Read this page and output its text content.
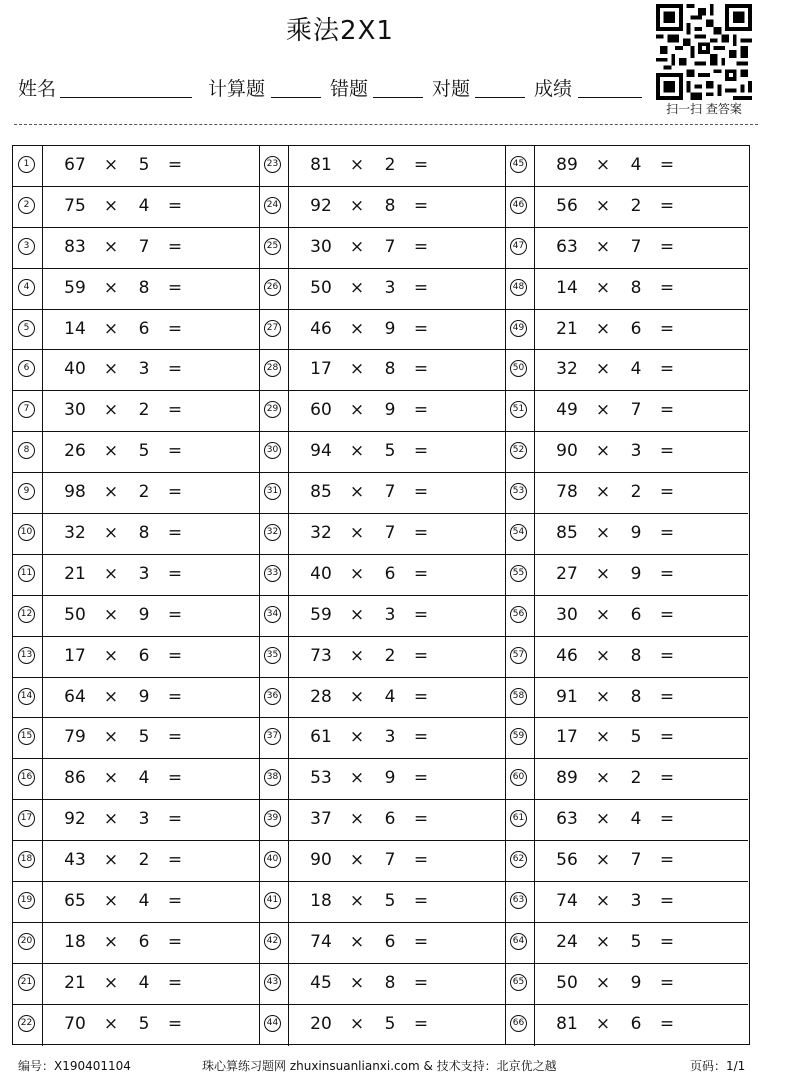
乘法2X1
姓名	计算题	错题	对题	成绩
扫一扫 查答案
1	67 × 5 =
2	75 × 4 =
3	83 × 7 =
4	59 × 8 =
5	14 × 6 =
6	40 × 3 =
7	30 × 2 =
8	26 × 5 =
9	98 × 2 =
10 32 × 8 =
11 21 × 3 =
12 50 × 9 =
13 17 × 6 =
14 64 × 9 =
15 79 × 5 =
16 86 × 4 =
17 92 × 3 =
18 43 × 2 =
19 65 × 4 =
20 18 × 6 =
21 21 × 4 =
22 70 × 5 =
23 81 × 2 =
24 92 × 8 =
25 30 × 7 =
26 50 × 3 =
27 46 × 9 =
28 17 × 8 =
29 60 × 9 =
30 94 × 5 =
31 85 × 7 =
32 32 × 7 =
33 40 × 6 =
34 59 × 3 =
35 73 × 2 =
36 28 × 4 =
37 61 × 3 =
38 53 × 9 =
39 37 × 6 =
40 90 × 7 =
41 18 × 5 =
42 74 × 6 =
43 45 × 8 =
44 20 × 5 =
45 89 × 4 =
46 56 × 2 =
47 63 × 7 =
48 14 × 8 =
49 21 × 6 =
50 32 × 4 =
51 49 × 7 =
52 90 × 3 =
53 78 × 2 =
54 85 × 9 =
55 27 × 9 =
56 30 × 6 =
57 46 × 8 =
58 91 × 8 =
59 17 × 5 =
60 89 × 2 =
61 63 × 4 =
62 56 × 7 =
63 74 × 3 =
64 24 × 5 =
65 50 × 9 =
66 81 × 6 =
编号：X190401104	珠心算练习题网 zhuxinsuanlianxi.com & 技术支持：北京优之越	页码：1/1
